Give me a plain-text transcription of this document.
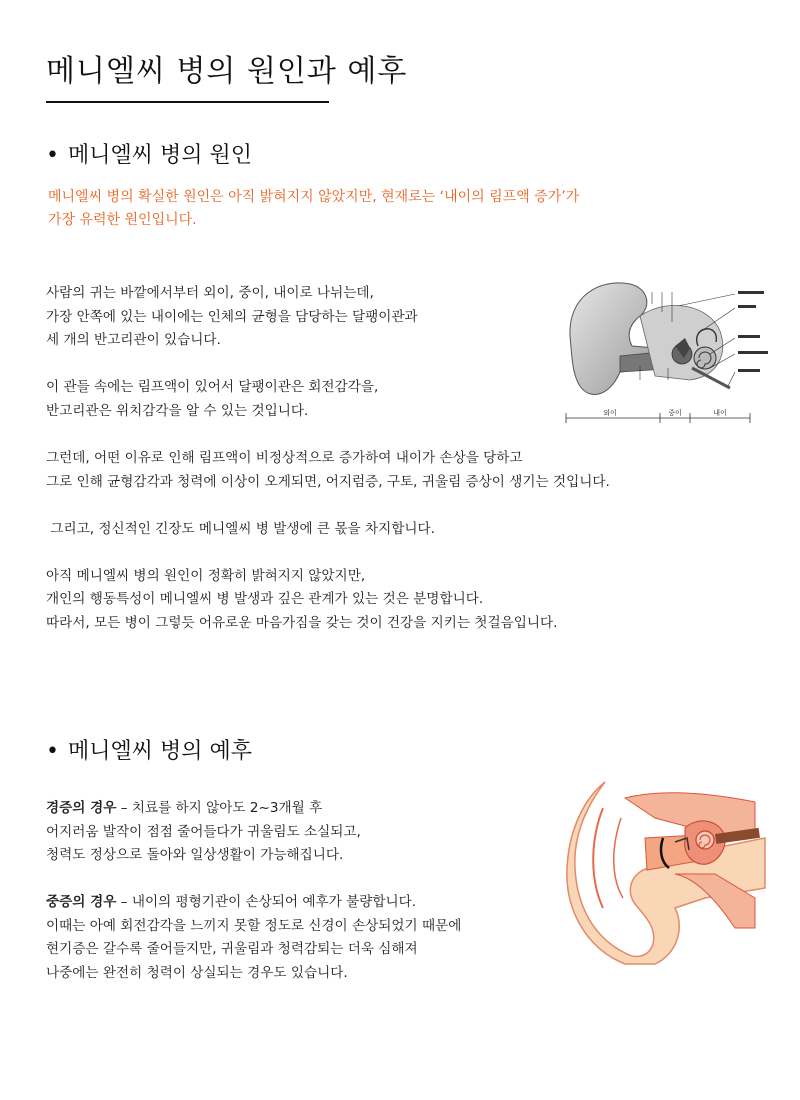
메니엘씨 병의 원인과 예후
• 메니엘씨 병의 원인
메니엘씨 병의 확실한 원인은 아직 밝혀지지 않았지만, 현재로는 ‘내이의 림프액 증가’가
가장 유력한 원인입니다.

사람의 귀는 바깥에서부터 외이, 중이, 내이로 나뉘는데,
가장 안쪽에 있는 내이에는 인체의 균형을 담당하는 달팽이관과
세 개의 반고리관이 있습니다.

이 관들 속에는 림프액이 있어서 달팽이관은 회전감각을,
반고리관은 위치감각을 알 수 있는 것입니다.

그런데, 어떤 이유로 인해 림프액이 비정상적으로 증가하여 내이가 손상을 당하고
그로 인해 균형감각과 청력에 이상이 오게되면, 어지럼증, 구토, 귀울림 증상이 생기는 것입니다.

그리고, 정신적인 긴장도 메니엘씨 병 발생에 큰 몫을 차지합니다.

아직 메니엘씨 병의 원인이 정확히 밝혀지지 않았지만,
개인의 행동특성이 메니엘씨 병 발생과 깊은 관계가 있는 것은 분명합니다.
따라서, 모든 병이 그렇듯 어유로운 마음가짐을 갖는 것이 건강을 지키는 첫걸음입니다.

외이	중이	내이
• 메니엘씨 병의 예후

경증의 경우 – 치료를 하지 않아도 2~3개월 후
어지러움 발작이 점점 줄어들다가 귀울림도 소실되고,
청력도 정상으로 돌아와 일상생활이 가능해집니다.

중증의 경우 – 내이의 평형기관이 손상되어 예후가 불량합니다.
이때는 아예 회전감각을 느끼지 못할 정도로 신경이 손상되었기 때문에
현기증은 갈수록 줄어들지만, 귀울림과 청력감퇴는 더욱 심해져
나중에는 완전히 청력이 상실되는 경우도 있습니다.
